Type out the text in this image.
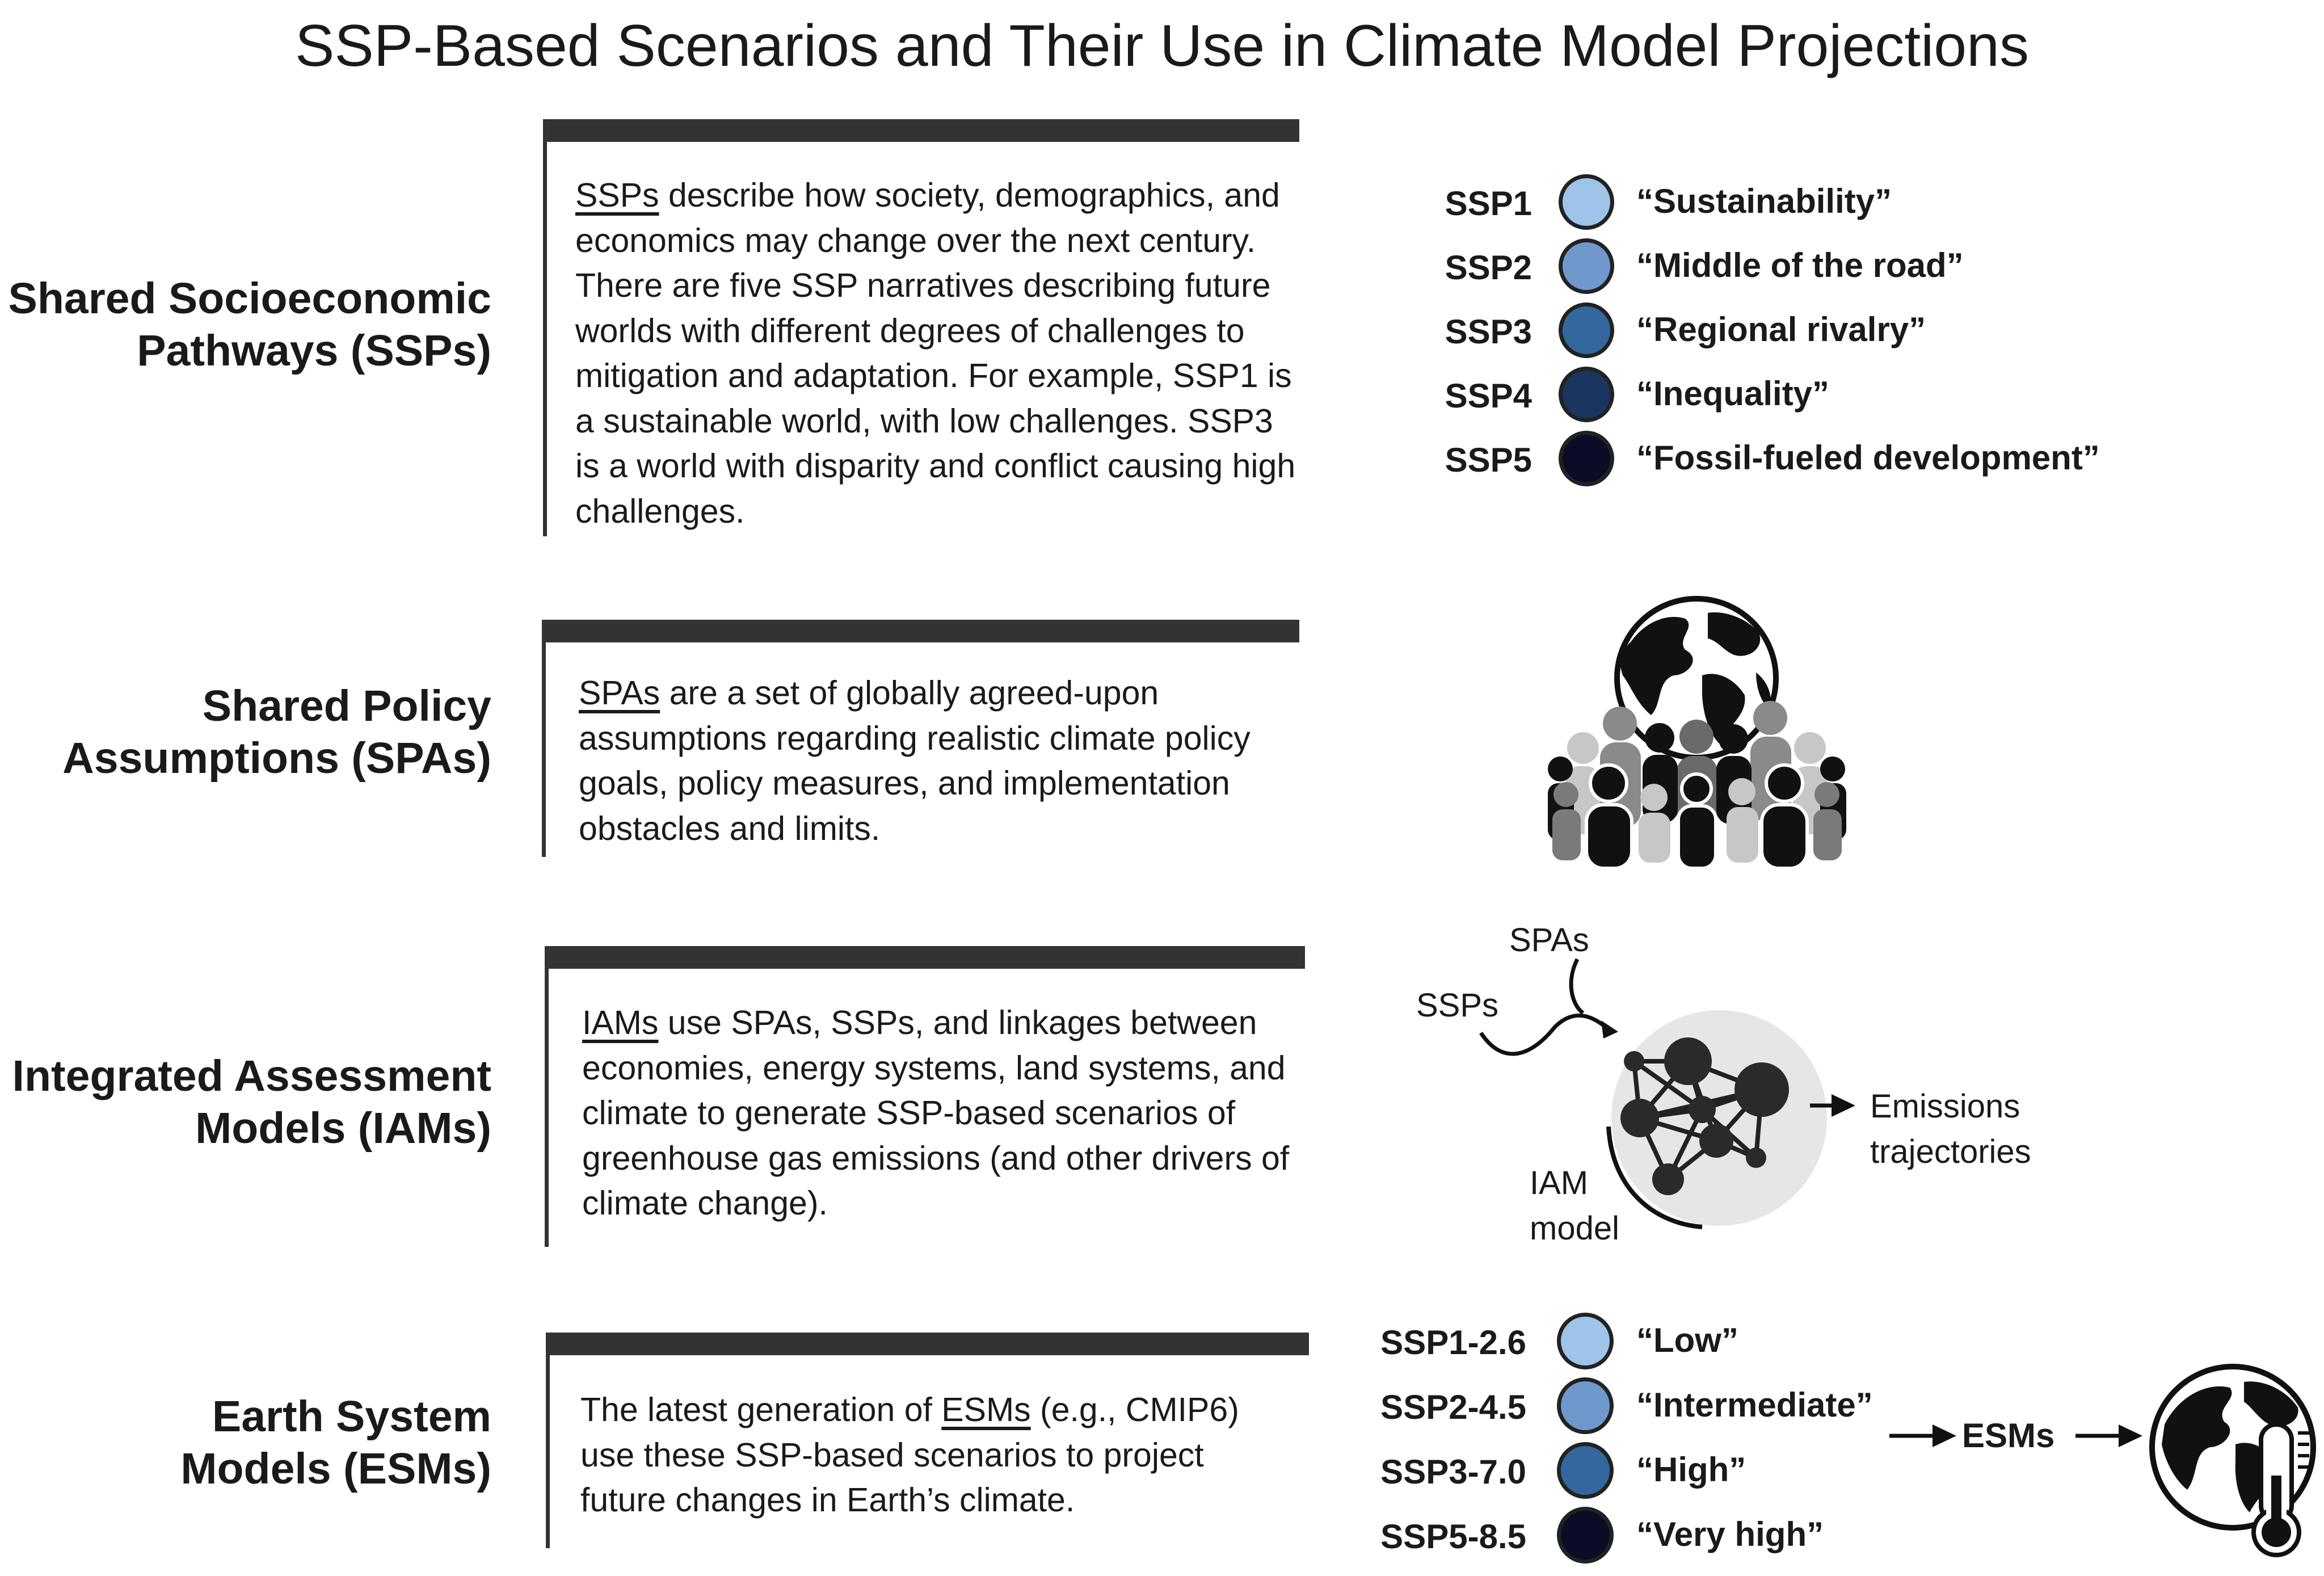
SSP-Based Scenarios and Their Use in Climate Model Projections
Shared Socioeconomic
Pathways (SSPs)
SSPs describe how society, demographics, and economics may change over the next century. There are five SSP narratives describing future worlds with different degrees of challenges to mitigation and adaptation. For example, SSP1 is a sustainable world, with low challenges. SSP3 is a world with disparity and conflict causing high challenges.
SSP1	“Sustainability”
SSP2	“Middle of the road”
SSP3	“Regional rivalry”
SSP4	“Inequality”
SSP5	“Fossil-fueled development”
Shared Policy
Assumptions (SPAs)
SPAs are a set of globally agreed-upon assumptions regarding realistic climate policy goals, policy measures, and implementation obstacles and limits.
Integrated Assessment
Models (IAMs)
IAMs use SPAs, SSPs, and linkages between economies, energy systems, land systems, and climate to generate SSP-based scenarios of greenhouse gas emissions (and other drivers of climate change).
SPAs
SSPs
IAM
model
Emissions
trajectories
Earth System
Models (ESMs)
The latest generation of ESMs (e.g., CMIP6) use these SSP-based scenarios to project future changes in Earth’s climate.
SSP1-2.6	“Low”
SSP2-4.5	“Intermediate”
SSP3-7.0	“High”
SSP5-8.5	“Very high”
ESMs
